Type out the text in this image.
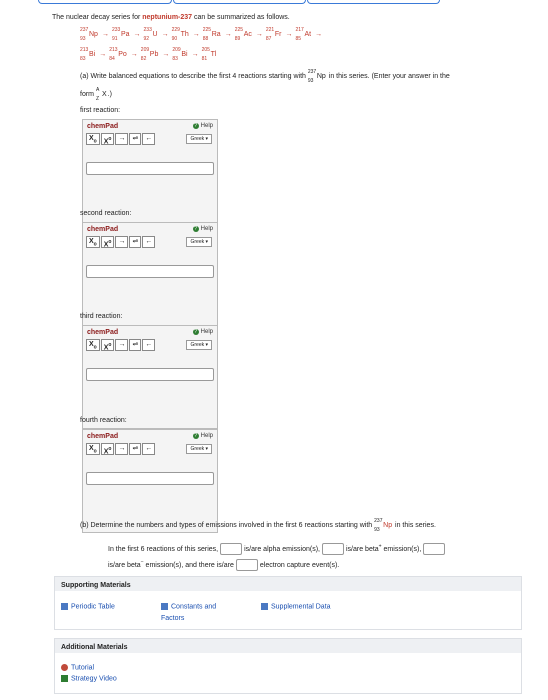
The nuclear decay series for neptunium-237 can be summarized as follows.
237
93
Np →
233
91
Pa →
233
92
U →
229
90
Th →
225
88
Ra →
225
89
Ac →
221
87
Fr →
217
85
At →
213
83
Bi →
213
84
Po →
209
82
Pb →
209
83
Bi →
205
81
Tl
(a) Write balanced equations to describe the first 4 reactions starting with
237
93
Np in this series. (Enter your answer in the
form
A
Z
X.)
first reaction:
chemPad	? Help
$X_o$	$X^o$	→	⇌	←	Greek ▾
second reaction:
chemPad	? Help
$X_o$	$X^o$	→	⇌	←	Greek ▾
third reaction:
chemPad	? Help
$X_o$	$X^o$	→	⇌	←	Greek ▾
fourth reaction:
chemPad	? Help
$X_o$	$X^o$	→	⇌	←	Greek ▾
(b) Determine the numbers and types of emissions involved in the first 6 reactions starting with
237
93
Np in this series.
In the first 6 reactions of this series,	is/are alpha emission(s),	is/are beta+ emission(s),
is/are beta− emission(s), and there is/are	electron capture event(s).
Supporting Materials
Periodic Table	Constants and
Factors
Supplemental Data
Additional Materials
Tutorial
Strategy Video
